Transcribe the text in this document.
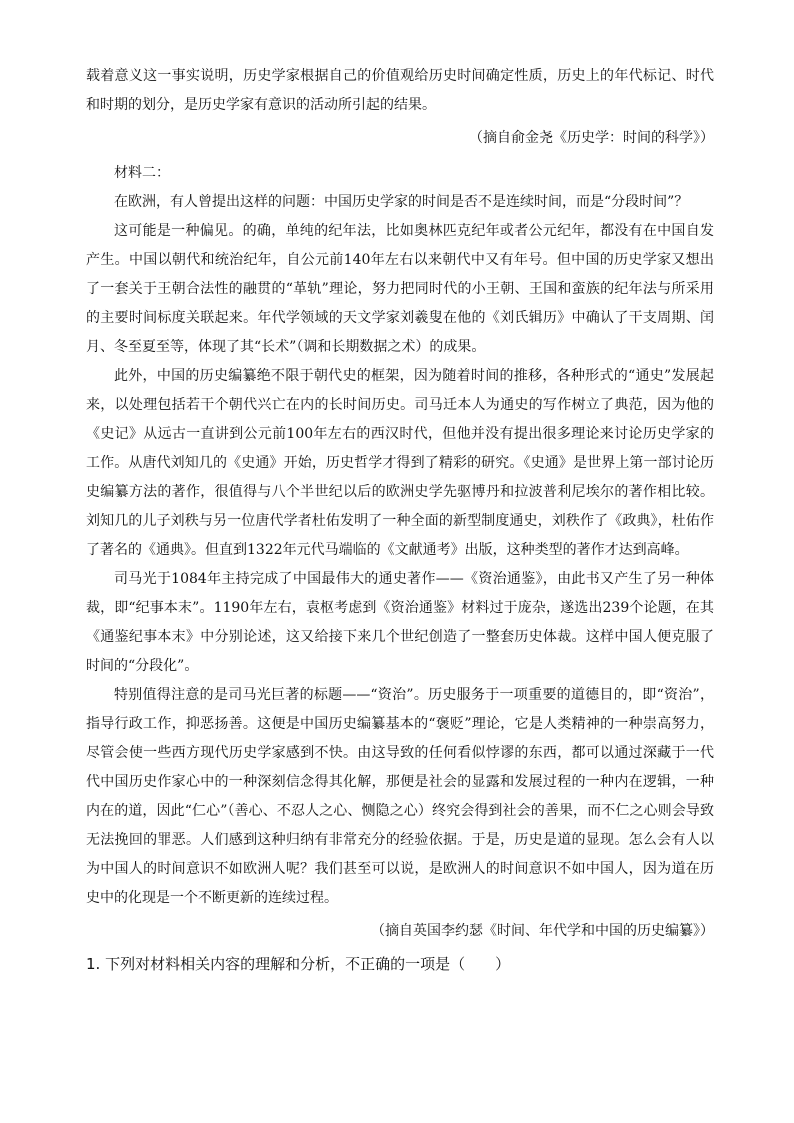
载着意义这一事实说明，历史学家根据自己的价值观给历史时间确定性质，历史上的年代标记、时代和时期的划分，是历史学家有意识的活动所引起的结果。

（摘自俞金尧《历史学：时间的科学》）

材料二：

在欧洲，有人曾提出这样的问题：中国历史学家的时间是否不是连续时间，而是“分段时间”？

这可能是一种偏见。的确，单纯的纪年法，比如奥林匹克纪年或者公元纪年，都没有在中国自发产生。中国以朝代和统治纪年，自公元前140年左右以来朝代中又有年号。但中国的历史学家又想出了一套关于王朝合法性的融贯的“革轨”理论，努力把同时代的小王朝、王国和蛮族的纪年法与所采用的主要时间标度关联起来。年代学领域的天文学家刘羲叟在他的《刘氏辑历》中确认了干支周期、闰月、冬至夏至等，体现了其“长术”（调和长期数据之术）的成果。

此外，中国的历史编纂绝不限于朝代史的框架，因为随着时间的推移，各种形式的“通史”发展起来，以处理包括若干个朝代兴亡在内的长时间历史。司马迁本人为通史的写作树立了典范，因为他的《史记》从远古一直讲到公元前100年左右的西汉时代，但他并没有提出很多理论来讨论历史学家的工作。从唐代刘知几的《史通》开始，历史哲学才得到了精彩的研究。《史通》是世界上第一部讨论历史编纂方法的著作，很值得与八个半世纪以后的欧洲史学先驱博丹和拉波普利尼埃尔的著作相比较。刘知几的儿子刘秩与另一位唐代学者杜佑发明了一种全面的新型制度通史，刘秩作了《政典》，杜佑作了著名的《通典》。但直到1322年元代马端临的《文献通考》出版，这种类型的著作才达到高峰。

司马光于1084年主持完成了中国最伟大的通史著作——《资治通鉴》，由此书又产生了另一种体裁，即“纪事本末”。1190年左右，袁枢考虑到《资治通鉴》材料过于庞杂，遂选出239个论题，在其《通鉴纪事本末》中分别论述，这又给接下来几个世纪创造了一整套历史体裁。这样中国人便克服了时间的“分段化”。

特别值得注意的是司马光巨著的标题——“资治”。历史服务于一项重要的道德目的，即“资治”，指导行政工作，抑恶扬善。这便是中国历史编纂基本的“褒贬”理论，它是人类精神的一种崇高努力，尽管会使一些西方现代历史学家感到不快。由这导致的任何看似悖谬的东西，都可以通过深藏于一代代中国历史作家心中的一种深刻信念得其化解，那便是社会的显露和发展过程的一种内在逻辑，一种内在的道，因此“仁心”（善心、不忍人之心、恻隐之心）终究会得到社会的善果，而不仁之心则会导致无法挽回的罪恶。人们感到这种归纳有非常充分的经验依据。于是，历史是道的显现。怎么会有人以为中国人的时间意识不如欧洲人呢？我们甚至可以说，是欧洲人的时间意识不如中国人，因为道在历史中的化现是一个不断更新的连续过程。

（摘自英国李约瑟《时间、年代学和中国的历史编纂》）

1. 下列对材料相关内容的理解和分析，不正确的一项是（　　）
